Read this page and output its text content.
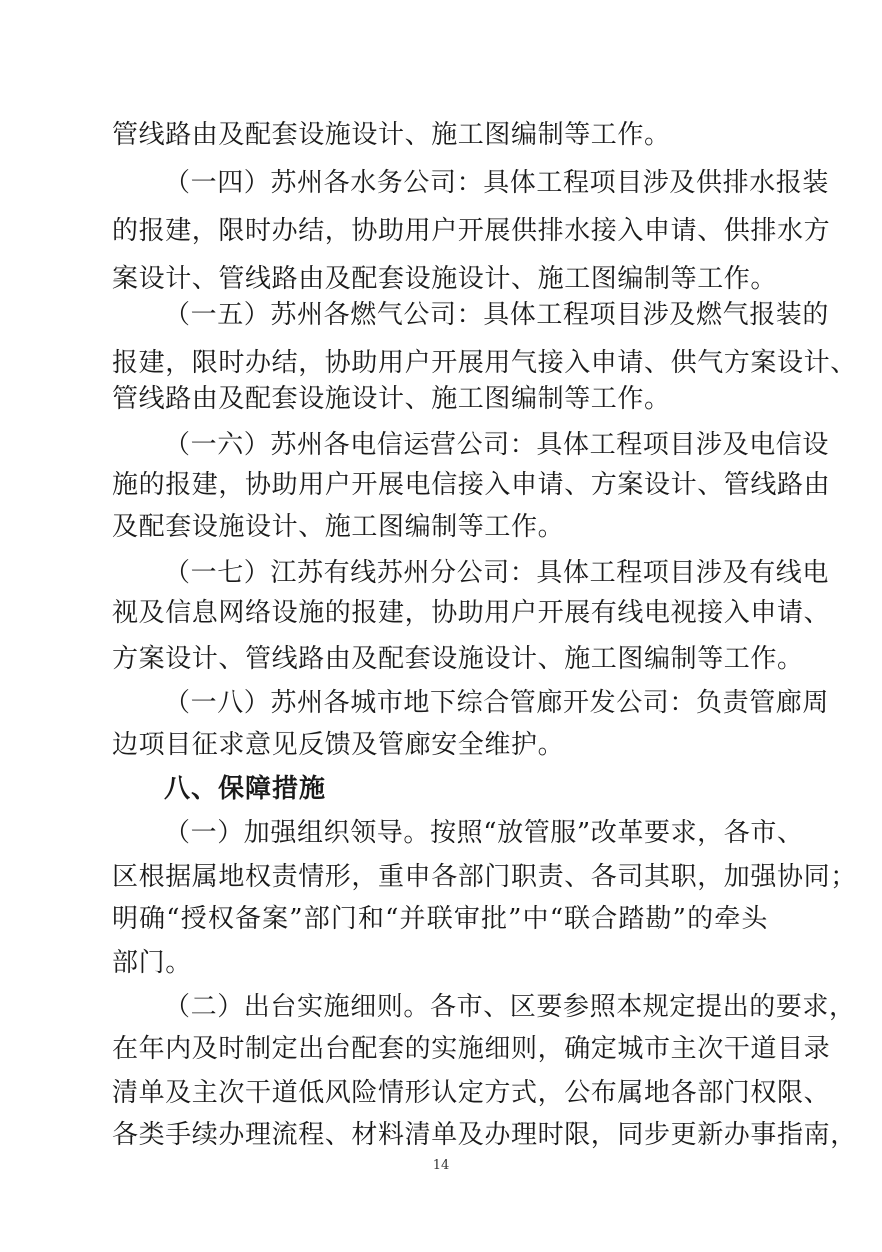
管线路由及配套设施设计、施工图编制等工作。
（一四）苏州各水务公司：具体工程项目涉及供排水报装
的报建，限时办结，协助用户开展供排水接入申请、供排水方
案设计、管线路由及配套设施设计、施工图编制等工作。
（一五）苏州各燃气公司：具体工程项目涉及燃气报装的
报建，限时办结，协助用户开展用气接入申请、供气方案设计、
管线路由及配套设施设计、施工图编制等工作。
（一六）苏州各电信运营公司：具体工程项目涉及电信设
施的报建，协助用户开展电信接入申请、方案设计、管线路由
及配套设施设计、施工图编制等工作。
（一七）江苏有线苏州分公司：具体工程项目涉及有线电
视及信息网络设施的报建，协助用户开展有线电视接入申请、
方案设计、管线路由及配套设施设计、施工图编制等工作。
（一八）苏州各城市地下综合管廊开发公司：负责管廊周
边项目征求意见反馈及管廊安全维护。
八、保障措施
（一）加强组织领导。按照“放管服”改革要求，各市、
区根据属地权责情形，重申各部门职责、各司其职，加强协同；
明确“授权备案”部门和“并联审批”中“联合踏勘”的牵头
部门。
（二）出台实施细则。各市、区要参照本规定提出的要求，
在年内及时制定出台配套的实施细则，确定城市主次干道目录
清单及主次干道低风险情形认定方式，公布属地各部门权限、
各类手续办理流程、材料清单及办理时限，同步更新办事指南，
14
